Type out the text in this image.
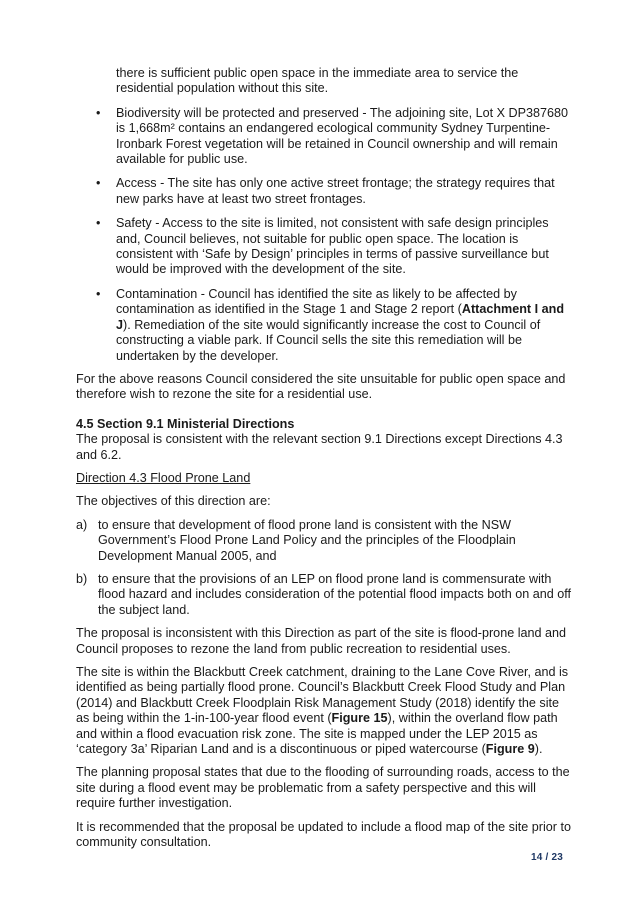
there is sufficient public open space in the immediate area to service the residential population without this site.

• Biodiversity will be protected and preserved - The adjoining site, Lot X DP387680 is 1,668m² contains an endangered ecological community Sydney Turpentine-Ironbark Forest vegetation will be retained in Council ownership and will remain available for public use.
• Access - The site has only one active street frontage; the strategy requires that new parks have at least two street frontages.
• Safety - Access to the site is limited, not consistent with safe design principles and, Council believes, not suitable for public open space. The location is consistent with ‘Safe by Design’ principles in terms of passive surveillance but would be improved with the development of the site.
• Contamination - Council has identified the site as likely to be affected by contamination as identified in the Stage 1 and Stage 2 report (Attachment I and J). Remediation of the site would significantly increase the cost to Council of constructing a viable park. If Council sells the site this remediation will be undertaken by the developer.

For the above reasons Council considered the site unsuitable for public open space and therefore wish to rezone the site for a residential use.

4.5 Section 9.1 Ministerial Directions

The proposal is consistent with the relevant section 9.1 Directions except Directions 4.3 and 6.2.

Direction 4.3 Flood Prone Land

The objectives of this direction are:

a) to ensure that development of flood prone land is consistent with the NSW Government’s Flood Prone Land Policy and the principles of the Floodplain Development Manual 2005, and
b) to ensure that the provisions of an LEP on flood prone land is commensurate with flood hazard and includes consideration of the potential flood impacts both on and off the subject land.

The proposal is inconsistent with this Direction as part of the site is flood-prone land and Council proposes to rezone the land from public recreation to residential uses.

The site is within the Blackbutt Creek catchment, draining to the Lane Cove River, and is identified as being partially flood prone. Council’s Blackbutt Creek Flood Study and Plan (2014) and Blackbutt Creek Floodplain Risk Management Study (2018) identify the site as being within the 1-in-100-year flood event (Figure 15), within the overland flow path and within a flood evacuation risk zone. The site is mapped under the LEP 2015 as ‘category 3a’ Riparian Land and is a discontinuous or piped watercourse (Figure 9).

The planning proposal states that due to the flooding of surrounding roads, access to the site during a flood event may be problematic from a safety perspective and this will require further investigation.

It is recommended that the proposal be updated to include a flood map of the site prior to community consultation.

14 / 23
